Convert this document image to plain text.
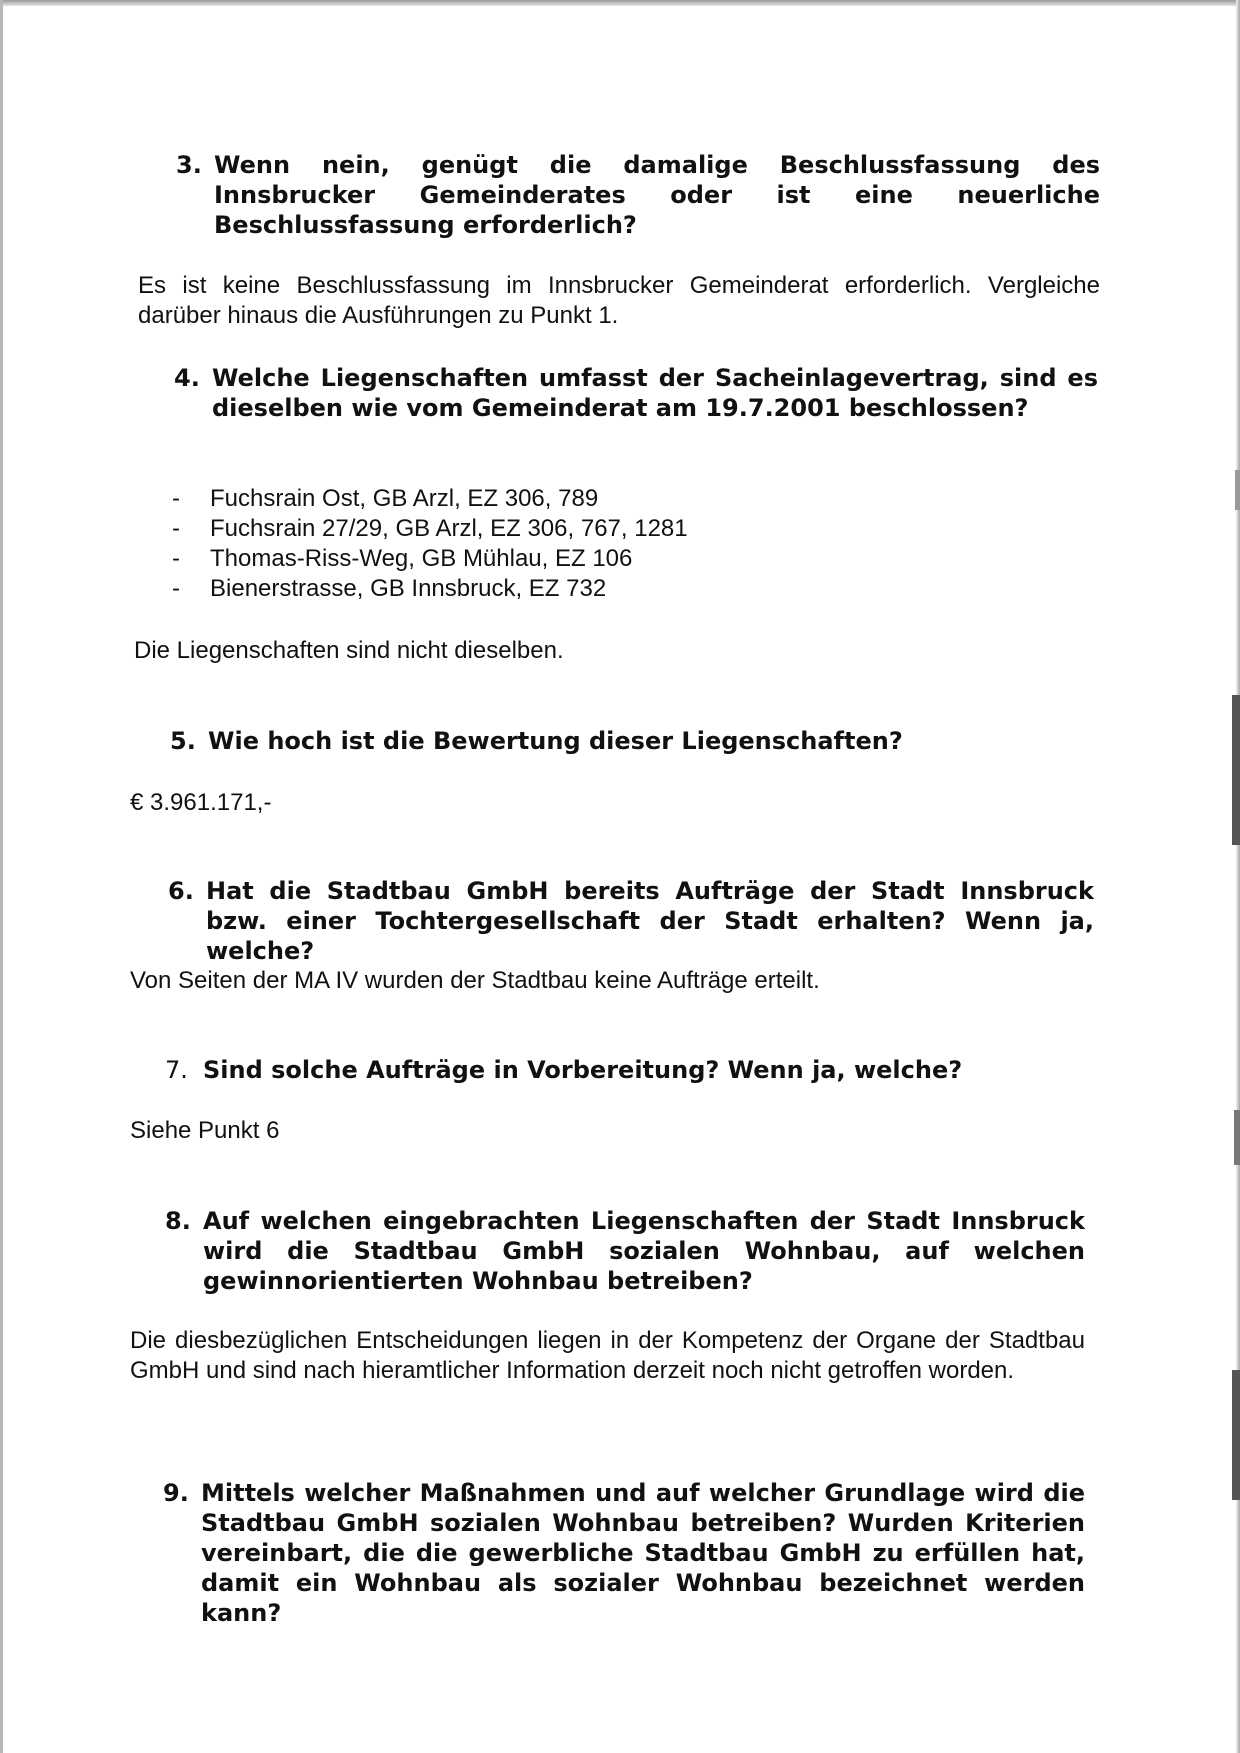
3. Wenn nein, genügt die damalige Beschlussfassung des Innsbrucker Gemeinderates oder ist eine neuerliche Beschlussfassung erforderlich?

Es ist keine Beschlussfassung im Innsbrucker Gemeinderat erforderlich. Vergleiche darüber hinaus die Ausführungen zu Punkt 1.

4. Welche Liegenschaften umfasst der Sacheinlagevertrag, sind es dieselben wie vom Gemeinderat am 19.7.2001 beschlossen?
- Fuchsrain Ost, GB Arzl, EZ 306, 789
- Fuchsrain 27/29, GB Arzl, EZ 306, 767, 1281
- Thomas-Riss-Weg, GB Mühlau, EZ 106
- Bienerstrasse, GB Innsbruck, EZ 732

Die Liegenschaften sind nicht dieselben.

5. Wie hoch ist die Bewertung dieser Liegenschaften?

€ 3.961.171,-

6. Hat die Stadtbau GmbH bereits Aufträge der Stadt Innsbruck bzw. einer Tochtergesellschaft der Stadt erhalten? Wenn ja, welche?

Von Seiten der MA IV wurden der Stadtbau keine Aufträge erteilt.

7. Sind solche Aufträge in Vorbereitung? Wenn ja, welche?

Siehe Punkt 6

8. Auf welchen eingebrachten Liegenschaften der Stadt Innsbruck wird die Stadtbau GmbH sozialen Wohnbau, auf welchen gewinnorientierten Wohnbau betreiben?

Die diesbezüglichen Entscheidungen liegen in der Kompetenz der Organe der Stadtbau GmbH und sind nach hieramtlicher Information derzeit noch nicht getroffen worden.

9. Mittels welcher Maßnahmen und auf welcher Grundlage wird die Stadtbau GmbH sozialen Wohnbau betreiben? Wurden Kriterien vereinbart, die die gewerbliche Stadtbau GmbH zu erfüllen hat, damit ein Wohnbau als sozialer Wohnbau bezeichnet werden kann?
